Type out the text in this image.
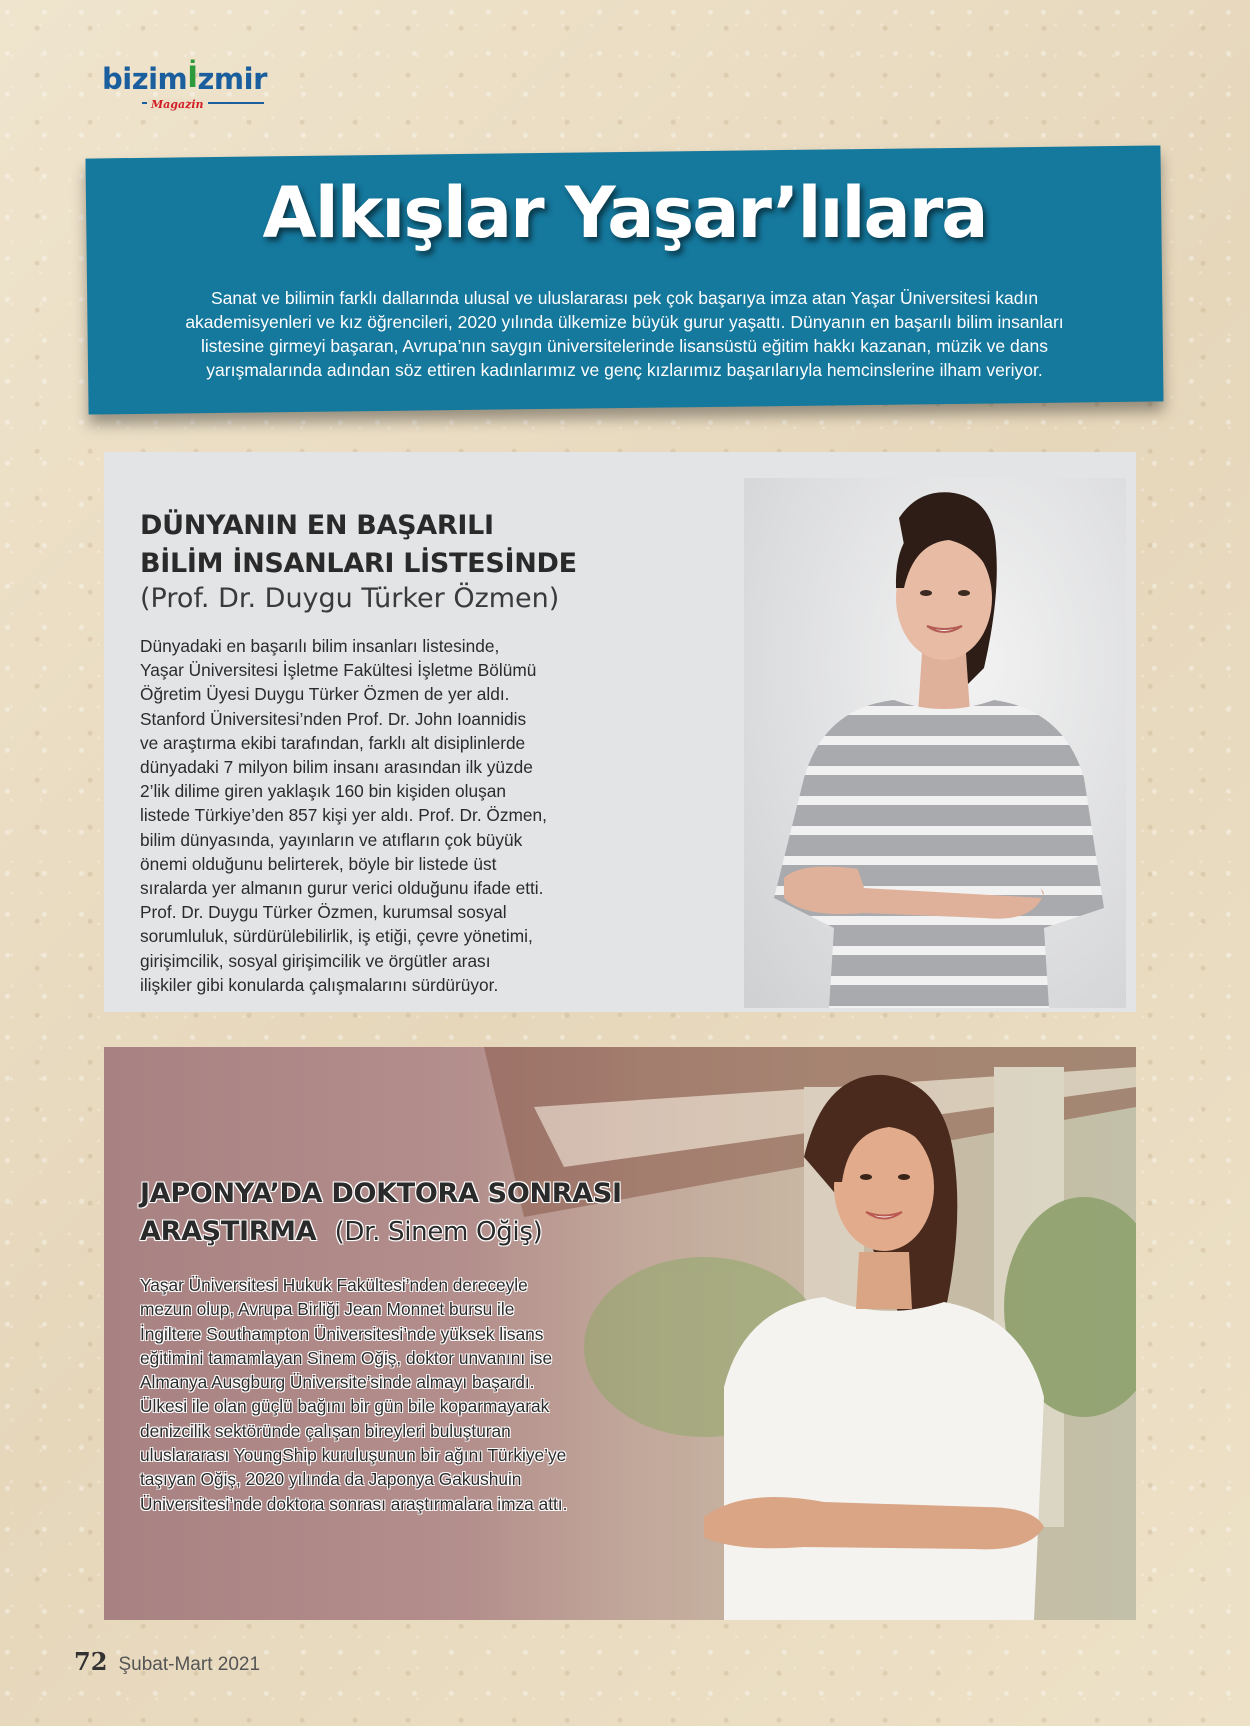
bizimİzmir
Magazin
Alkışlar Yaşar’lılara
Sanat ve bilimin farklı dallarında ulusal ve uluslararası pek çok başarıya imza atan Yaşar Üniversitesi kadın
akademisyenleri ve kız öğrencileri, 2020 yılında ülkemize büyük gurur yaşattı. Dünyanın en başarılı bilim insanları
listesine girmeyi başaran, Avrupa’nın saygın üniversitelerinde lisansüstü eğitim hakkı kazanan, müzik ve dans
yarışmalarında adından söz ettiren kadınlarımız ve genç kızlarımız başarılarıyla hemcinslerine ilham veriyor.
DÜNYANIN EN BAŞARILI
BİLİM İNSANLARI LİSTESİNDE
(Prof. Dr. Duygu Türker Özmen)
Dünyadaki en başarılı bilim insanları listesinde,
Yaşar Üniversitesi İşletme Fakültesi İşletme Bölümü
Öğretim Üyesi Duygu Türker Özmen de yer aldı.
Stanford Üniversitesi’nden Prof. Dr. John Ioannidis
ve araştırma ekibi tarafından, farklı alt disiplinlerde
dünyadaki 7 milyon bilim insanı arasından ilk yüzde
2’lik dilime giren yaklaşık 160 bin kişiden oluşan
listede Türkiye’den 857 kişi yer aldı. Prof. Dr. Özmen,
bilim dünyasında, yayınların ve atıfların çok büyük
önemi olduğunu belirterek, böyle bir listede üst
sıralarda yer almanın gurur verici olduğunu ifade etti.
Prof. Dr. Duygu Türker Özmen, kurumsal sosyal
sorumluluk, sürdürülebilirlik, iş etiği, çevre yönetimi,
girişimcilik, sosyal girişimcilik ve örgütler arası
ilişkiler gibi konularda çalışmalarını sürdürüyor.
JAPONYA’DA DOKTORA SONRASI
ARAŞTIRMA (Dr. Sinem Oğiş)
Yaşar Üniversitesi Hukuk Fakültesi’nden dereceyle
mezun olup, Avrupa Birliği Jean Monnet bursu ile
İngiltere Southampton Üniversitesi’nde yüksek lisans
eğitimini tamamlayan Sinem Oğiş, doktor unvanını ise
Almanya Ausgburg Üniversite’sinde almayı başardı.
Ülkesi ile olan güçlü bağını bir gün bile koparmayarak
denizcilik sektöründe çalışan bireyleri buluşturan
uluslararası YoungShip kuruluşunun bir ağını Türkiye’ye
taşıyan Oğiş, 2020 yılında da Japonya Gakushuin
Üniversitesi’nde doktora sonrası araştırmalara imza attı.
72 Şubat-Mart 2021
